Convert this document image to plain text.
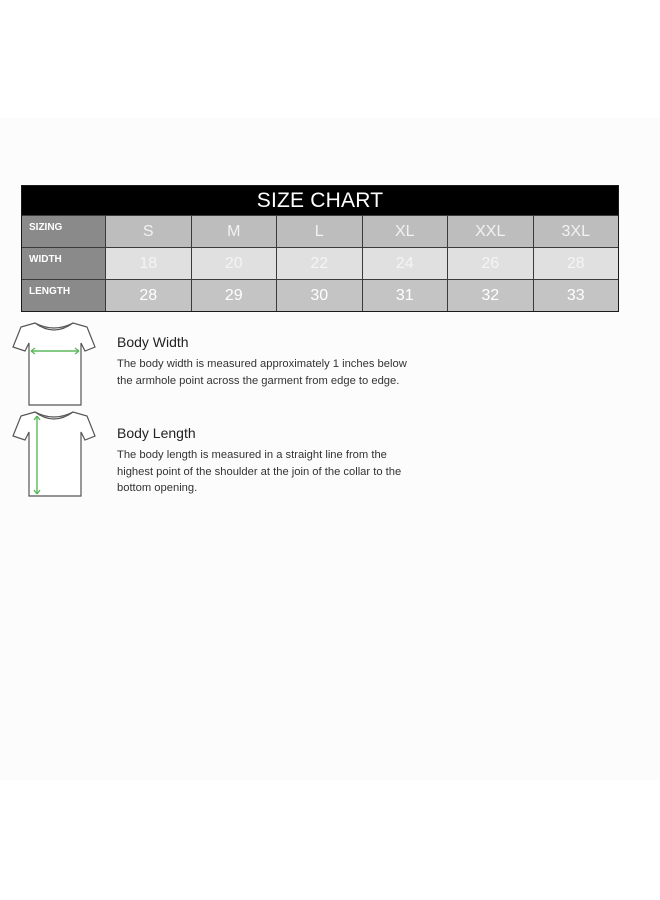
SIZE CHART
SIZING	S	M	L	XL	XXL	3XL
WIDTH	18	20	22	24	26	28
LENGTH	28	29	30	31	32	33
Body Width

The body width is measured approximately 1 inches below the armhole point across the garment from edge to edge.

Body Length

The body length is measured in a straight line from the highest point of the shoulder at the join of the collar to the bottom opening.
